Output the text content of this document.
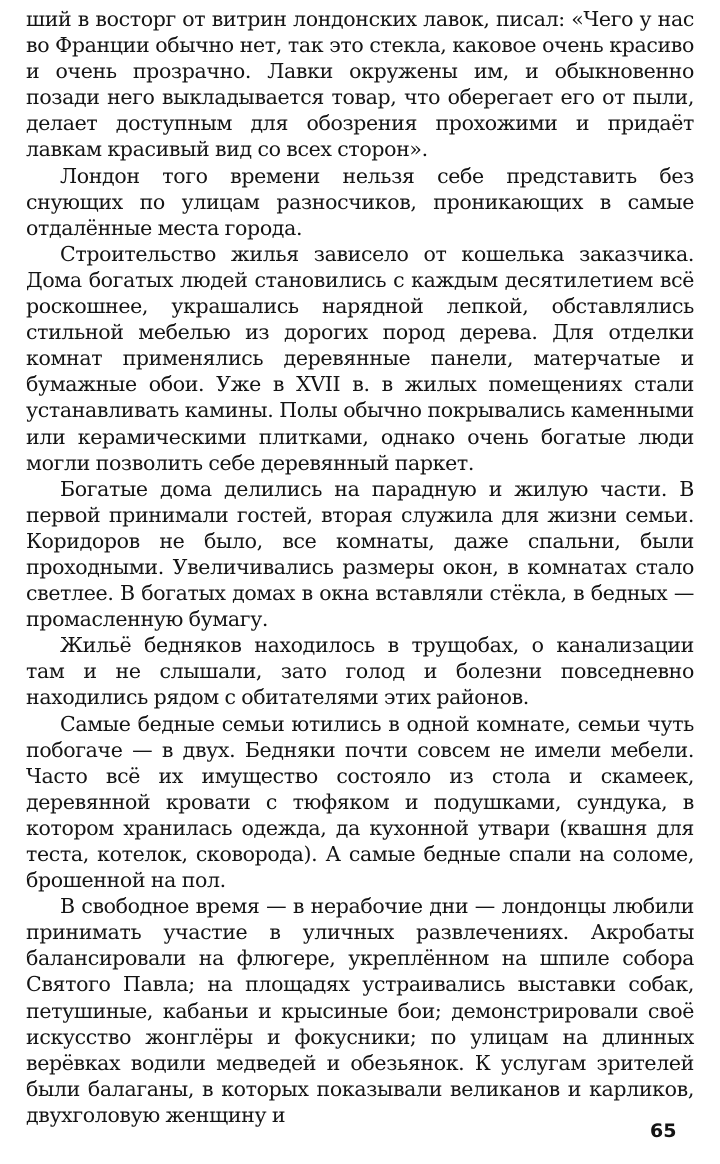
ший в восторг от витрин лондонских лавок, писал: «Чего у нас во Франции обычно нет, так это стекла, каковое очень красиво и очень прозрачно. Лавки окружены им, и обыкновенно позади него выкладывается товар, что оберегает его от пыли, делает доступным для обозрения прохожими и придаёт лавкам красивый вид со всех сторон».

Лондон того времени нельзя себе представить без снующих по улицам разносчиков, проникающих в самые отдалённые места города.

Строительство жилья зависело от кошелька заказчика. Дома богатых людей становились с каждым десятилетием всё роскошнее, украшались нарядной лепкой, обставлялись стильной мебелью из дорогих пород дерева. Для отделки комнат применялись деревянные панели, матерчатые и бумажные обои. Уже в XVII в. в жилых помещениях стали устанавливать камины. Полы обычно покрывались каменными или керамическими плитками, однако очень богатые люди могли позволить себе деревянный паркет.

Богатые дома делились на парадную и жилую части. В первой принимали гостей, вторая служила для жизни семьи. Коридоров не было, все комнаты, даже спальни, были проходными. Увеличивались размеры окон, в комнатах стало светлее. В богатых домах в окна вставляли стёкла, в бедных — промасленную бумагу.

Жильё бедняков находилось в трущобах, о канализации там и не слышали, зато голод и болезни повседневно находились рядом с обитателями этих районов.

Самые бедные семьи ютились в одной комнате, семьи чуть побогаче — в двух. Бедняки почти совсем не имели мебели. Часто всё их имущество состояло из стола и скамеек, деревянной кровати с тюфяком и подушками, сундука, в котором хранилась одежда, да кухонной утвари (квашня для теста, котелок, сковорода). А самые бедные спали на соломе, брошенной на пол.

В свободное время — в нерабочие дни — лондонцы любили принимать участие в уличных развлечениях. Акробаты балансировали на флюгере, укреплённом на шпиле собора Святого Павла; на площадях устраивались выставки собак, петушиные, кабаньи и крысиные бои; демонстрировали своё искусство жонглёры и фокусники; по улицам на длинных верёвках водили медведей и обезьянок. К услугам зрителей были балаганы, в которых показывали великанов и карликов, двухголовую женщину и

65
